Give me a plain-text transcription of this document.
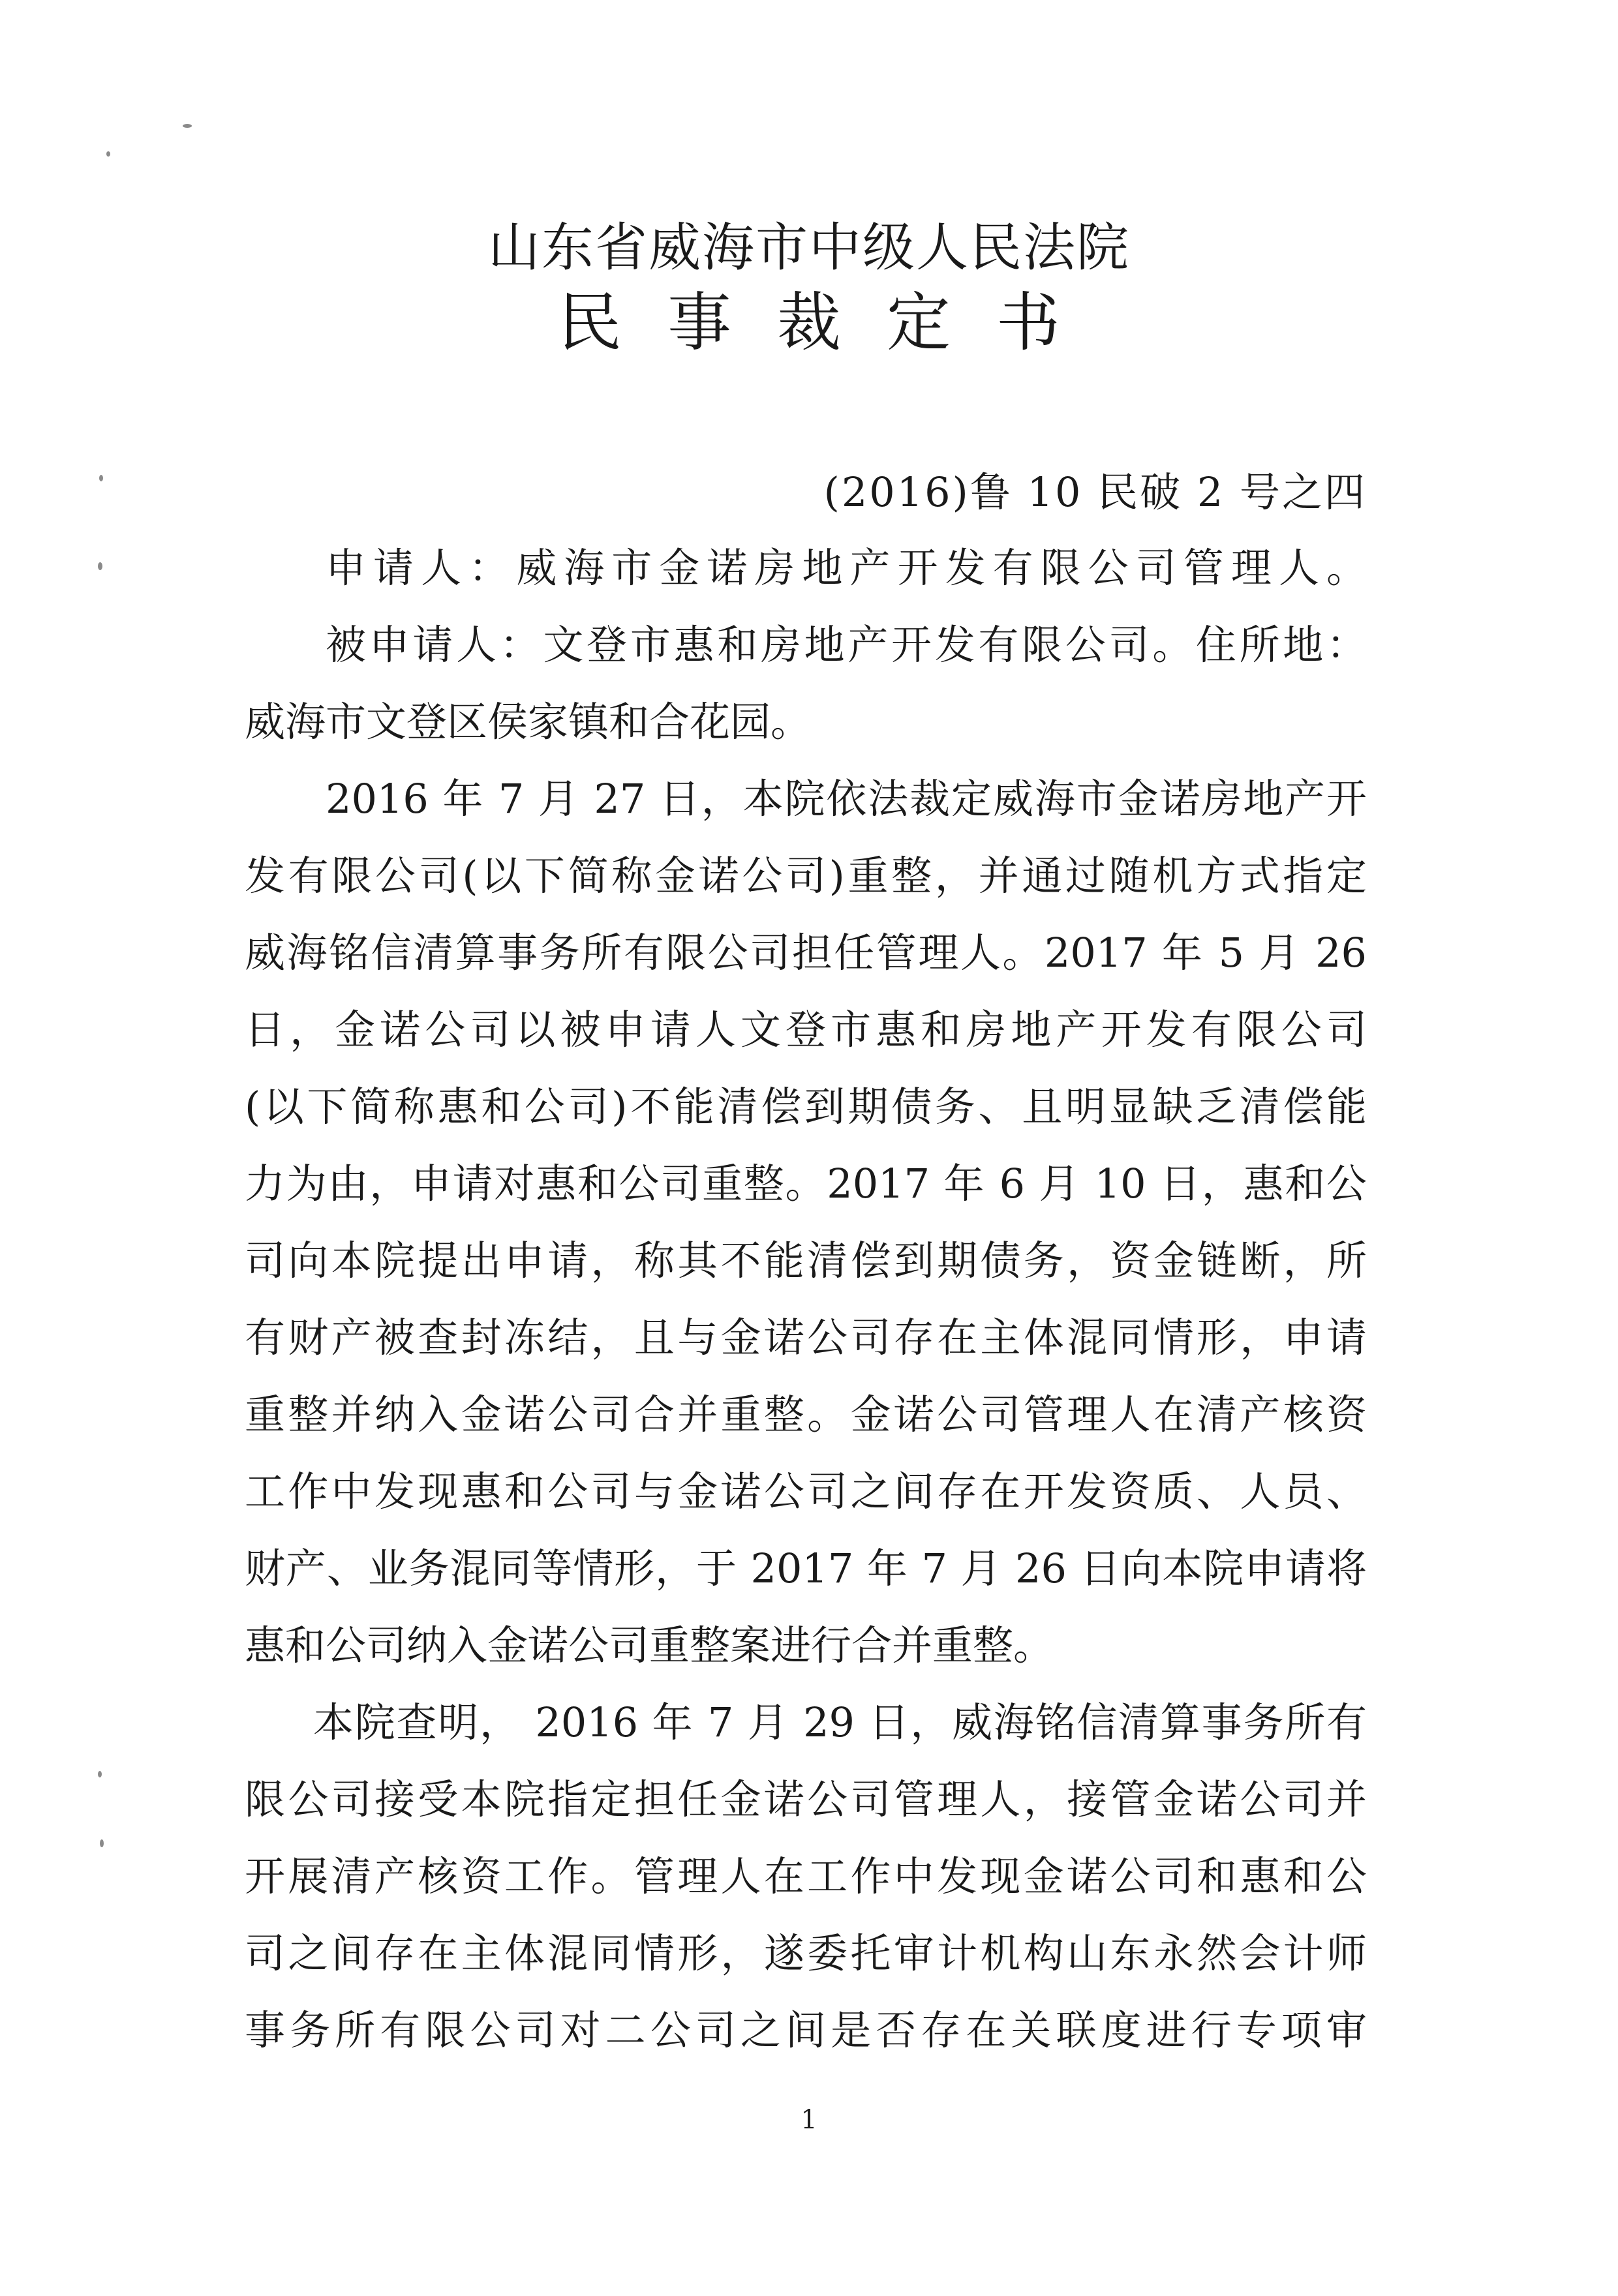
山东省威海市中级人民法院
民事裁定书
(2016)鲁 10 民破 2 号之四
申请人：威海市金诺房地产开发有限公司管理人。
被申请人：文登市惠和房地产开发有限公司。住所地：
威海市文登区侯家镇和合花园。
2016 年 7 月 27 日，本院依法裁定威海市金诺房地产开
发有限公司(以下简称金诺公司)重整，并通过随机方式指定
威海铭信清算事务所有限公司担任管理人。2017 年 5 月 26
日，金诺公司以被申请人文登市惠和房地产开发有限公司
(以下简称惠和公司)不能清偿到期债务、且明显缺乏清偿能
力为由，申请对惠和公司重整。2017 年 6 月 10 日，惠和公
司向本院提出申请，称其不能清偿到期债务，资金链断，所
有财产被查封冻结，且与金诺公司存在主体混同情形，申请
重整并纳入金诺公司合并重整。金诺公司管理人在清产核资
工作中发现惠和公司与金诺公司之间存在开发资质、人员、
财产、业务混同等情形，于 2017 年 7 月 26 日向本院申请将
惠和公司纳入金诺公司重整案进行合并重整。
本院查明， 2016 年 7 月 29 日，威海铭信清算事务所有
限公司接受本院指定担任金诺公司管理人，接管金诺公司并
开展清产核资工作。管理人在工作中发现金诺公司和惠和公
司之间存在主体混同情形，遂委托审计机构山东永然会计师
事务所有限公司对二公司之间是否存在关联度进行专项审
1
